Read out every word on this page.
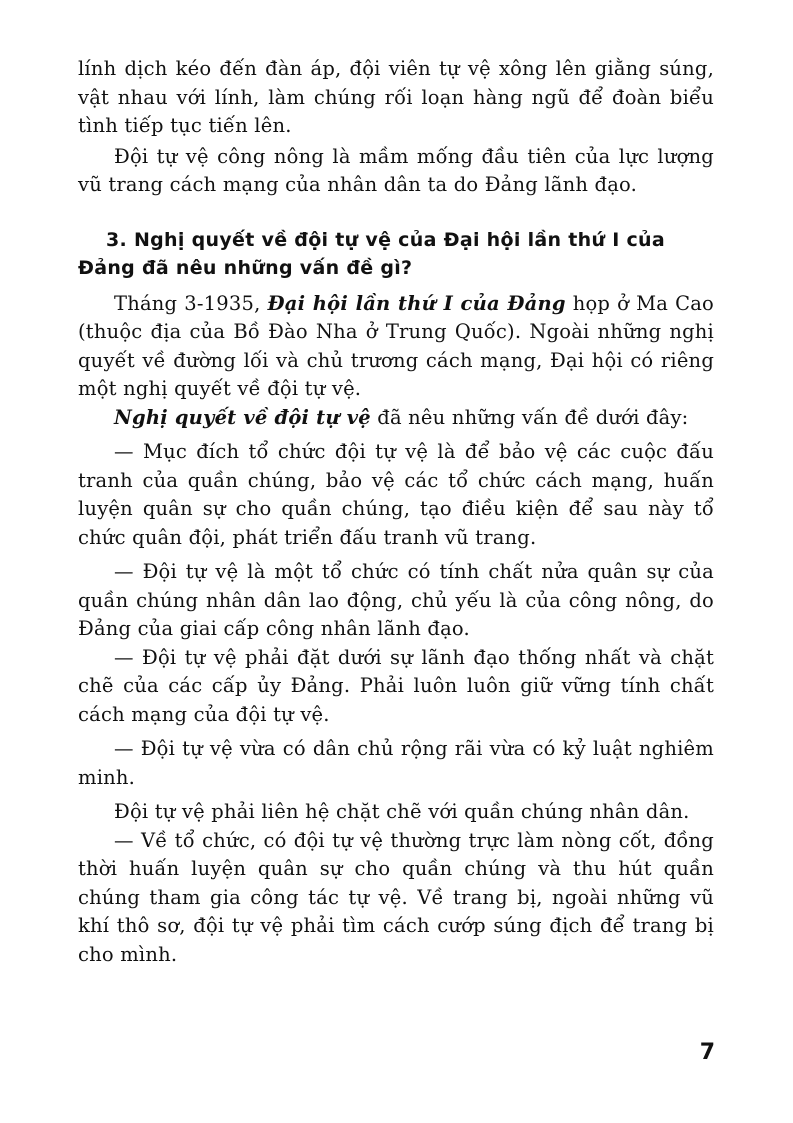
lính dịch kéo đến đàn áp, đội viên tự vệ xông lên giằng súng, vật nhau với lính, làm chúng rối loạn hàng ngũ để đoàn biểu tình tiếp tục tiến lên.

Đội tự vệ công nông là mầm mống đầu tiên của lực lượng vũ trang cách mạng của nhân dân ta do Đảng lãnh đạo.

3. Nghị quyết về đội tự vệ của Đại hội lần thứ I của Đảng đã nêu những vấn đề gì?

Tháng 3-1935, Đại hội lần thứ I của Đảng họp ở Ma Cao (thuộc địa của Bồ Đào Nha ở Trung Quốc). Ngoài những nghị quyết về đường lối và chủ trương cách mạng, Đại hội có riêng một nghị quyết về đội tự vệ.

Nghị quyết về đội tự vệ đã nêu những vấn đề dưới đây:

— Mục đích tổ chức đội tự vệ là để bảo vệ các cuộc đấu tranh của quần chúng, bảo vệ các tổ chức cách mạng, huấn luyện quân sự cho quần chúng, tạo điều kiện để sau này tổ chức quân đội, phát triển đấu tranh vũ trang.

— Đội tự vệ là một tổ chức có tính chất nửa quân sự của quần chúng nhân dân lao động, chủ yếu là của công nông, do Đảng của giai cấp công nhân lãnh đạo.

— Đội tự vệ phải đặt dưới sự lãnh đạo thống nhất và chặt chẽ của các cấp ủy Đảng. Phải luôn luôn giữ vững tính chất cách mạng của đội tự vệ.

— Đội tự vệ vừa có dân chủ rộng rãi vừa có kỷ luật nghiêm minh.

Đội tự vệ phải liên hệ chặt chẽ với quần chúng nhân dân.

— Về tổ chức, có đội tự vệ thường trực làm nòng cốt, đồng thời huấn luyện quân sự cho quần chúng và thu hút quần chúng tham gia công tác tự vệ. Về trang bị, ngoài những vũ khí thô sơ, đội tự vệ phải tìm cách cướp súng địch để trang bị cho mình.

7
